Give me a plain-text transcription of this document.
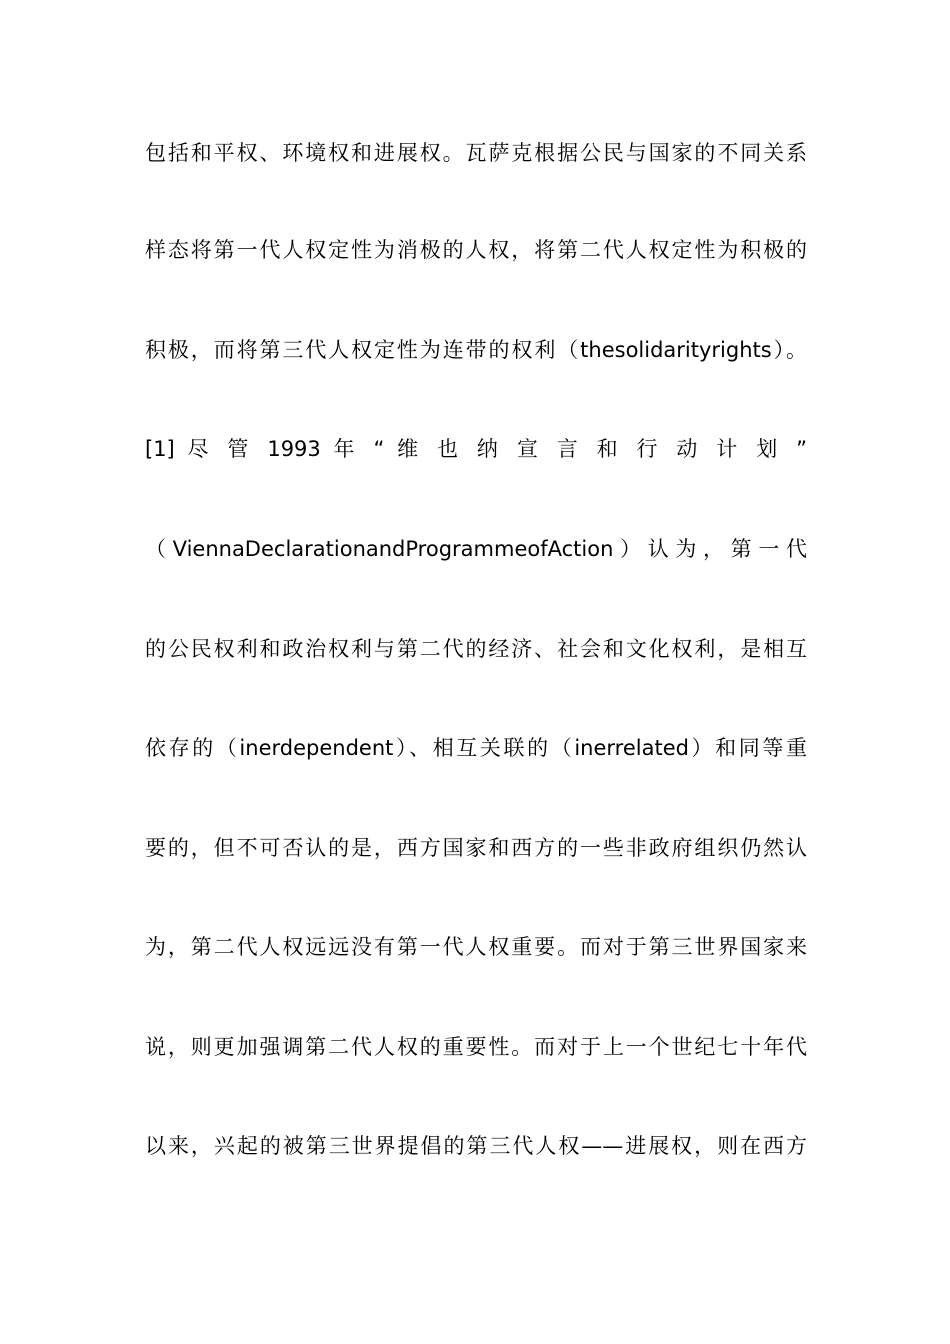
包括和平权、环境权和进展权。瓦萨克根据公民与国家的不同关系
样态将第一代人权定性为消极的人权，将第二代人权定性为积极的
积极，而将第三代人权定性为连带的权利（thesolidarityrights）。
[1] 尽 管 1993 年 “ 维 也 纳 宣 言 和 行 动 计 划 ”
（ViennaDeclarationandProgrammeofAction）认为，第一代
的公民权利和政治权利与第二代的经济、社会和文化权利，是相互
依存的（inerdependent）、相互关联的（inerrelated）和同等重
要的，但不可否认的是，西方国家和西方的一些非政府组织仍然认
为，第二代人权远远没有第一代人权重要。而对于第三世界国家来
说，则更加强调第二代人权的重要性。而对于上一个世纪七十年代
以来，兴起的被第三世界提倡的第三代人权——进展权，则在西方
